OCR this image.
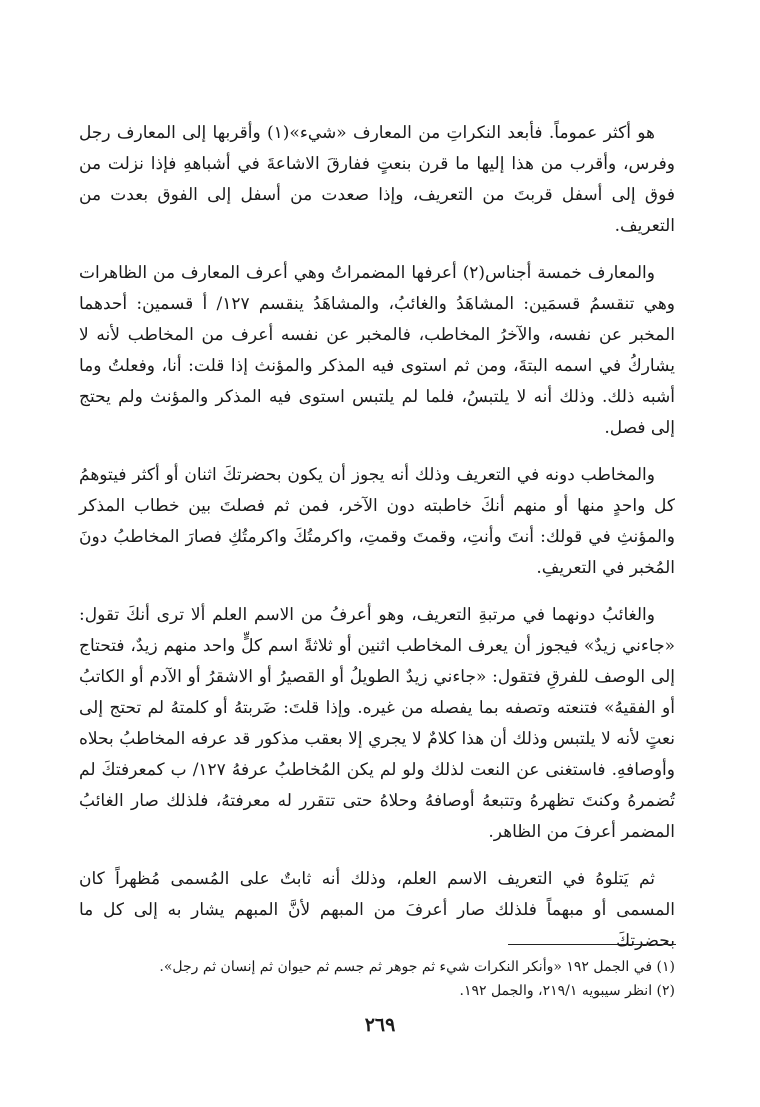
هو أكثر عموماً. فأبعد النكراتِ من المعارف «شيء»(١) وأقربها إلى المعارف رجل وفرس، وأقرب من هذا إليها ما قرن بنعتٍ ففارقَ الاشاعةَ في أشباههِ فإذا نزلت من فوق إلى أسفل قربتَ من التعريف، وإذا صعدت من أسفل إلى الفوق بعدت من التعريف.

والمعارف خمسة أجناس(٢) أعرفها المضمراتُ وهي أعرف المعارف من الظاهرات وهي تنقسمُ قسمَين: المشاهَدُ والغائبُ، والمشاهَدُ ينقسم ١٢٧/ أ قسمين: أحدهما المخبر عن نفسه، والآخرُ المخاطب، فالمخبر عن نفسه أعرف من المخاطب لأنه لا يشاركُ في اسمه البتةَ، ومن ثم استوى فيه المذكر والمؤنث إذا قلت: أنا، وفعلتُ وما أشبه ذلك. وذلك أنه لا يلتبسُ، فلما لم يلتبس استوى فيه المذكر والمؤنث ولم يحتج إلى فصل.

والمخاطب دونه في التعريف وذلك أنه يجوز أن يكون بحضرتكَ اثنان أو أكثر فيتوهمُ كل واحدٍ منها أو منهم أنكَ خاطبته دون الآخر، فمن ثم فصلتَ بين خطاب المذكر والمؤنثِ في قولك: أنتَ وأنتِ، وقمتَ وقمتِ، واكرمتُكَ واكرمتُكِ فصارَ المخاطبُ دونَ المُخبر في التعريفِ.

والغائبُ دونهما في مرتبةِ التعريف، وهو أعرفُ من الاسم العلم ألا ترى أنكَ تقول: «جاءني زيدٌ» فيجوز أن يعرف المخاطب اثنين أو ثلاثةً اسم كلٍّ واحد منهم زيدٌ، فتحتاج إلى الوصف للفرقِ فتقول: «جاءني زيدٌ الطويلُ أو القصيرُ أو الاشقرُ أو الآدم أو الكاتبُ أو الفقيهُ» فتنعته وتصفه بما يفصله من غيره. وإذا قلتَ: ضَربتهُ أو كلمتهُ لم تحتج إلى نعتٍ لأنه لا يلتبس وذلك أن هذا كلامٌ لا يجري إلا بعقب مذكور قد عرفه المخاطبُ بحلاه وأوصافهِ. فاستغنى عن النعت لذلك ولو لم يكن المُخاطبُ عرفهُ ١٢٧/ ب كمعرفتكَ لم تُضمرهُ وكنتَ تظهرهُ وتتبعهُ أوصافهُ وحلاهُ حتى تتقرر له معرفتهُ، فلذلك صار الغائبُ المضمر أعرفَ من الظاهر.

ثم يَتلوهُ في التعريف الاسم العلم، وذلك أنه ثابتٌ على المُسمى مُظهراً كان المسمى أو مبهماً فلذلك صار أعرفَ من المبهم لأنَّ المبهم يشار به إلى كل ما بحضرتكَ

(١) في الجمل ١٩٢ «وأنكر النكرات شيء ثم جوهر ثم جسم ثم حيوان ثم إنسان ثم رجل».

(٢) انظر سيبويه ٢١٩/١، والجمل ١٩٢.

٢٦٩
